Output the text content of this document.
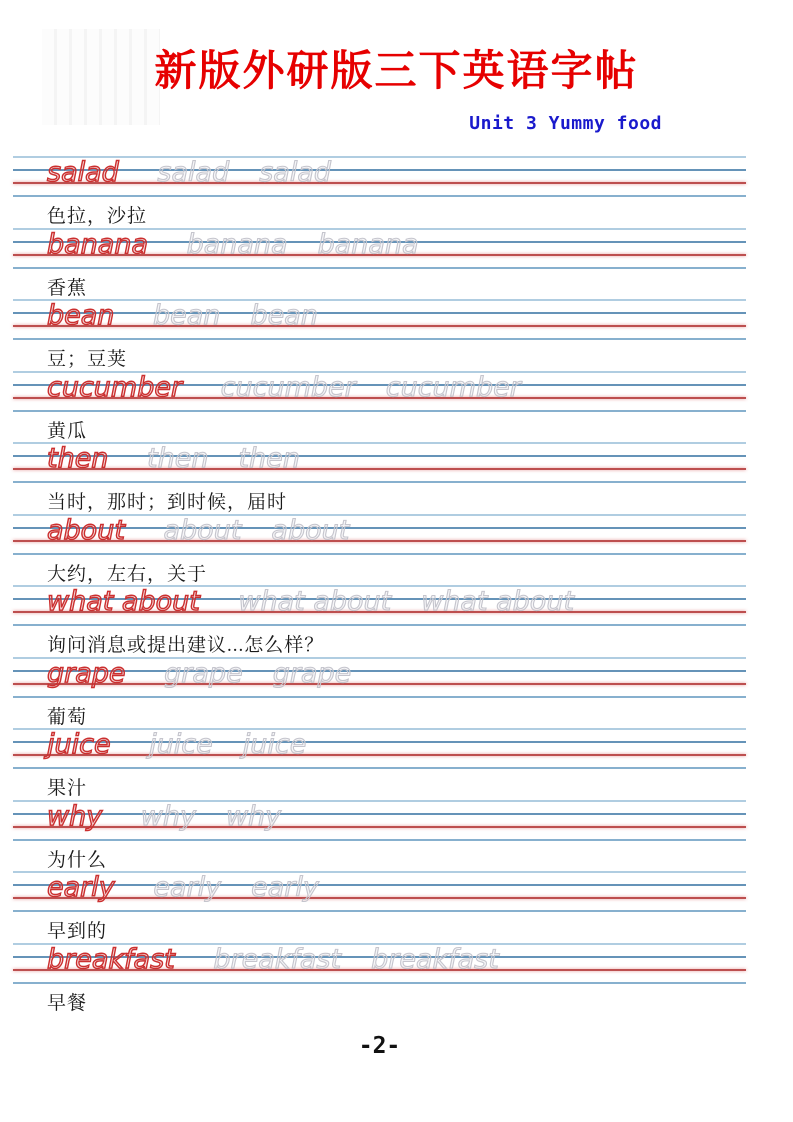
新版外研版三下英语字帖
Unit 3 Yummy food
salad salad salad
色拉，沙拉
banana banana banana
香蕉
bean bean bean
豆；豆荚
cucumber cucumber cucumber
黄瓜
then then then
当时，那时；到时候，届时
about about about
大约，左右，关于
what about what about what about
询问消息或提出建议...怎么样？
grape grape grape
葡萄
juice juice juice
果汁
why why why
为什么
early early early
早到的
breakfast breakfast breakfast
早餐
-2-
